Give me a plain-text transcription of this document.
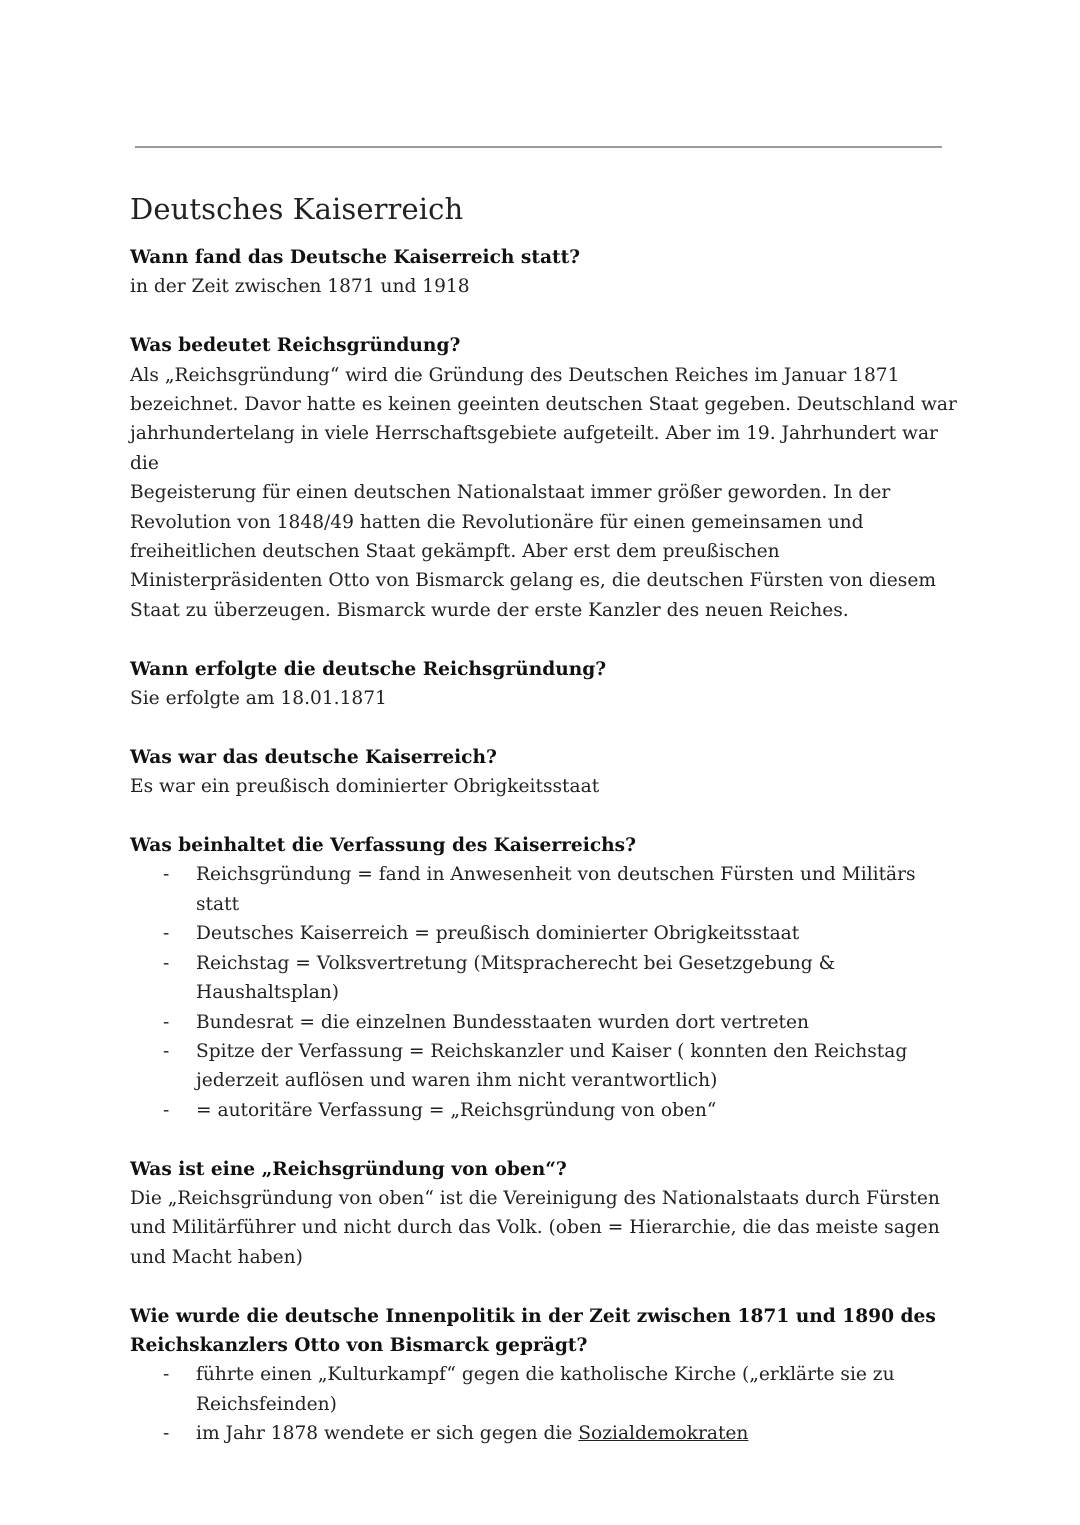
Deutsches Kaiserreich

Wann fand das Deutsche Kaiserreich statt?

in der Zeit zwischen 1871 und 1918

Was bedeutet Reichsgründung?

Als „Reichsgründung“ wird die Gründung des Deutschen Reiches im Januar 1871

bezeichnet. Davor hatte es keinen geeinten deutschen Staat gegeben. Deutschland war

jahrhundertelang in viele Herrschaftsgebiete aufgeteilt. Aber im 19. Jahrhundert war die

Begeisterung für einen deutschen Nationalstaat immer größer geworden. In der

Revolution von 1848/49 hatten die Revolutionäre für einen gemeinsamen und

freiheitlichen deutschen Staat gekämpft. Aber erst dem preußischen

Ministerpräsidenten Otto von Bismarck gelang es, die deutschen Fürsten von diesem

Staat zu überzeugen. Bismarck wurde der erste Kanzler des neuen Reiches.

Wann erfolgte die deutsche Reichsgründung?

Sie erfolgte am 18.01.1871

Was war das deutsche Kaiserreich?

Es war ein preußisch dominierter Obrigkeitsstaat

Was beinhaltet die Verfassung des Kaiserreichs?

- Reichsgründung = fand in Anwesenheit von deutschen Fürsten und Militärs statt
- Deutsches Kaiserreich = preußisch dominierter Obrigkeitsstaat
- Reichstag = Volksvertretung (Mitspracherecht bei Gesetzgebung &
Haushaltsplan)
- Bundesrat = die einzelnen Bundesstaaten wurden dort vertreten
- Spitze der Verfassung = Reichskanzler und Kaiser ( konnten den Reichstag
jederzeit auflösen und waren ihm nicht verantwortlich)
- = autoritäre Verfassung = „Reichsgründung von oben“

Was ist eine „Reichsgründung von oben“?

Die „Reichsgründung von oben“ ist die Vereinigung des Nationalstaats durch Fürsten

und Militärführer und nicht durch das Volk. (oben = Hierarchie, die das meiste sagen

und Macht haben)

Wie wurde die deutsche Innenpolitik in der Zeit zwischen 1871 und 1890 des

Reichskanzlers Otto von Bismarck geprägt?

- führte einen „Kulturkampf“ gegen die katholische Kirche („erklärte sie zu
Reichsfeinden)
- im Jahr 1878 wendete er sich gegen die Sozialdemokraten
